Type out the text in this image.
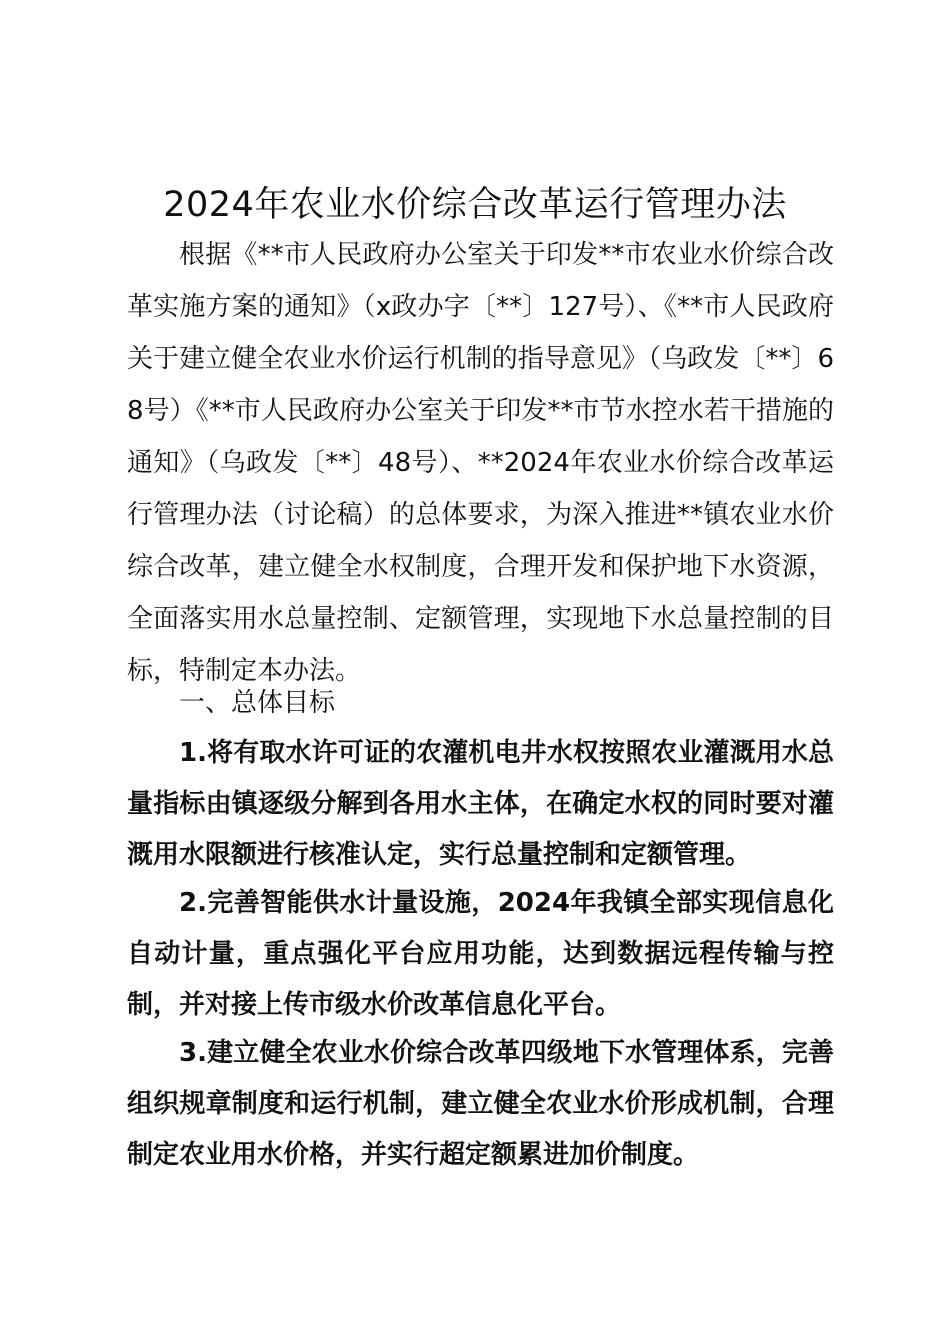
2024年农业水价综合改革运行管理办法

根据《**市人民政府办公室关于印发**市农业水价综合改革实施方案的通知》（x政办字〔**〕127号）、《**市人民政府关于建立健全农业水价运行机制的指导意见》（乌政发〔**〕68号）《**市人民政府办公室关于印发**市节水控水若干措施的通知》（乌政发〔**〕48号）、**2024年农业水价综合改革运行管理办法（讨论稿）的总体要求，为深入推进**镇农业水价综合改革，建立健全水权制度，合理开发和保护地下水资源，全面落实用水总量控制、定额管理，实现地下水总量控制的目标，特制定本办法。

一、总体目标

1.将有取水许可证的农灌机电井水权按照农业灌溉用水总量指标由镇逐级分解到各用水主体，在确定水权的同时要对灌溉用水限额进行核准认定，实行总量控制和定额管理。

2.完善智能供水计量设施，2024年我镇全部实现信息化自动计量，重点强化平台应用功能，达到数据远程传输与控制，并对接上传市级水价改革信息化平台。

3.建立健全农业水价综合改革四级地下水管理体系，完善组织规章制度和运行机制，建立健全农业水价形成机制，合理制定农业用水价格，并实行超定额累进加价制度。
